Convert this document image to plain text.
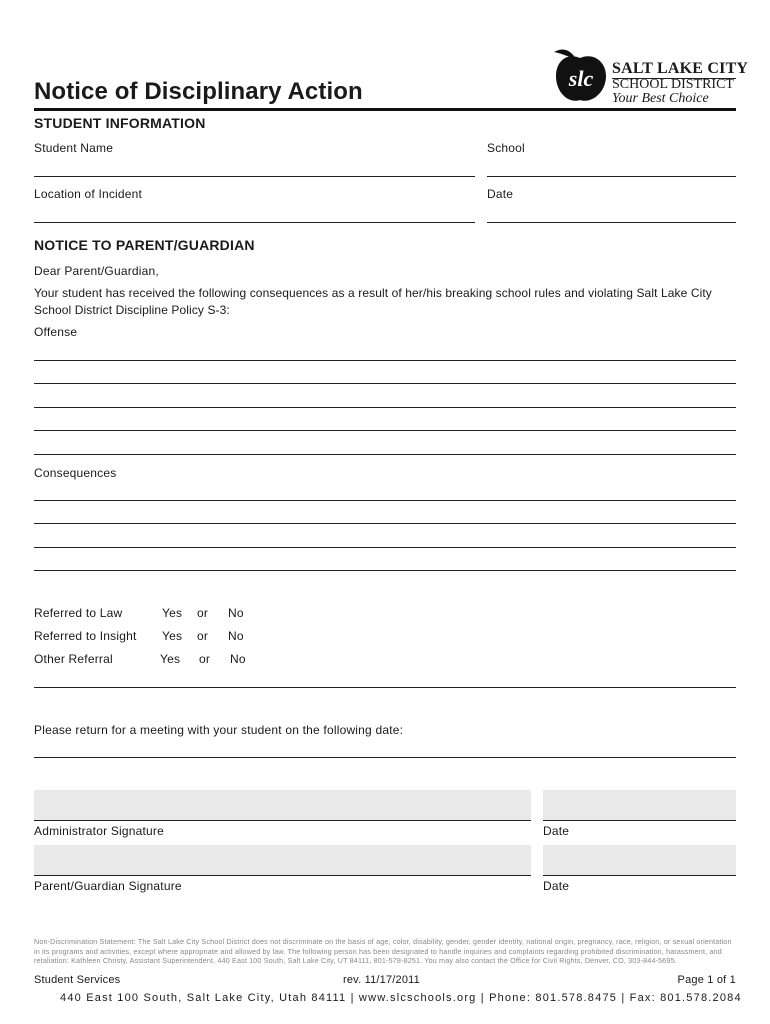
Notice of Disciplinary Action	slc SALT LAKE CITY
SCHOOL DISTRICT
Your Best Choice
STUDENT INFORMATION
Student Name	School
Location of Incident	Date
NOTICE TO PARENT/GUARDIAN
Dear Parent/Guardian,
Your student has received the following consequences as a result of her/his breaking school rules and violating Salt Lake City School District Discipline Policy S-3:
Offense
Consequences
Referred to Law	Yes or No
Referred to Insight Yes or No
Other Referral	Yes or No
Please return for a meeting with your student on the following date:
Administrator Signature	Date
Parent/Guardian Signature	Date
Non-Discrimination Statement: The Salt Lake City School District does not discriminate on the basis of age, color, disability, gender, gender identity, national origin, pregnancy, race, religion, or sexual orientation in its programs and activities, except where appropriate and allowed by law. The following person has been designated to handle inquiries and complaints regarding prohibited discrimination, harassment, and retaliation: Kathleen Christy, Assistant Superintendent, 440 East 100 South, Salt Lake City, UT 84111, 801-578-8251. You may also contact the Office for Civil Rights, Denver, CO, 303-844-5695.
Student Services	rev. 11/17/2011	Page 1 of 1
440 East 100 South, Salt Lake City, Utah 84111 | www.slcschools.org | Phone: 801.578.8475 | Fax: 801.578.2084
